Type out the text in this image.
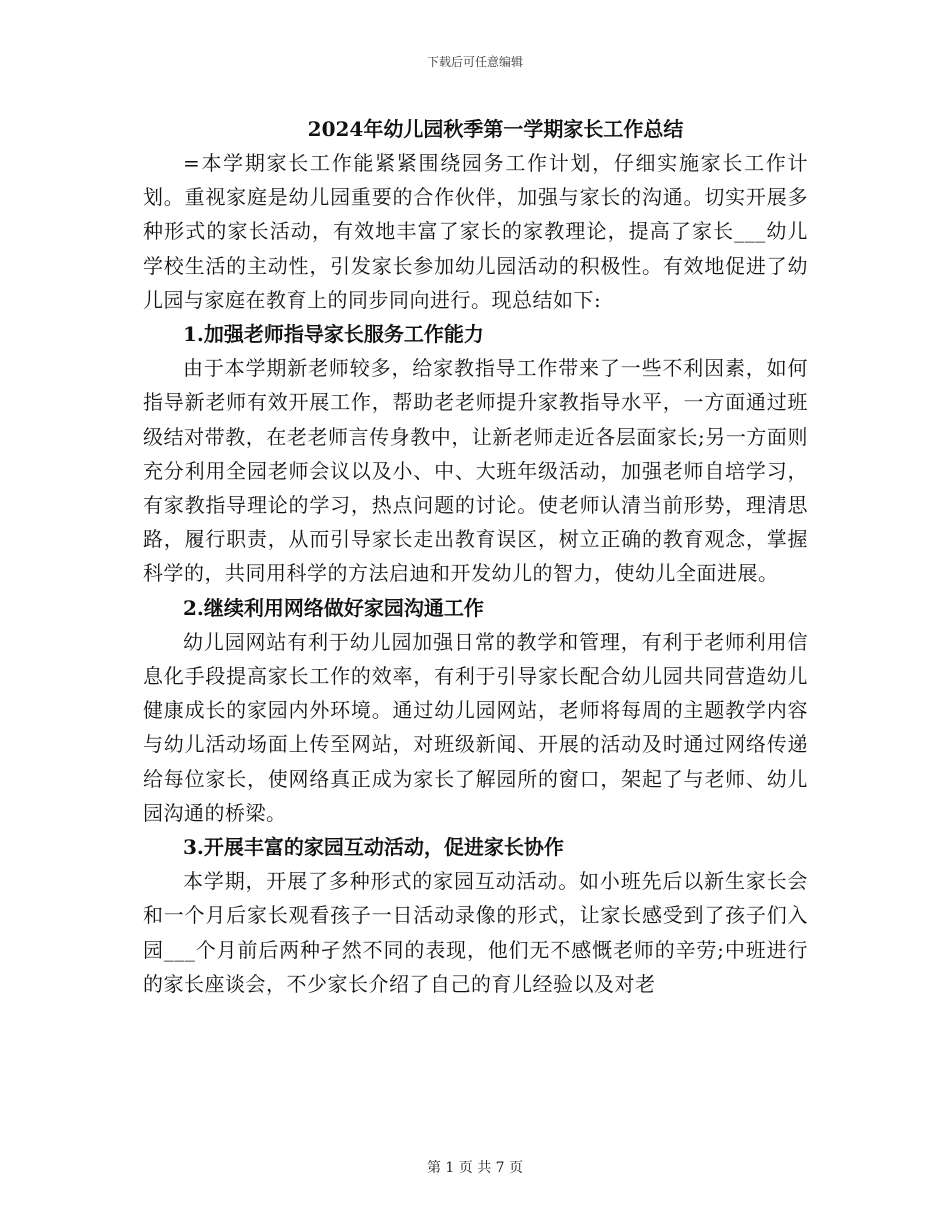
下载后可任意编辑
2024年幼儿园秋季第一学期家长工作总结

=本学期家长工作能紧紧围绕园务工作计划，仔细实施家长工作计划。重视家庭是幼儿园重要的合作伙伴，加强与家长的沟通。切实开展多种形式的家长活动，有效地丰富了家长的家教理论，提高了家长___幼儿学校生活的主动性，引发家长参加幼儿园活动的积极性。有效地促进了幼儿园与家庭在教育上的同步同向进行。现总结如下:

1.加强老师指导家长服务工作能力

由于本学期新老师较多，给家教指导工作带来了一些不利因素，如何指导新老师有效开展工作，帮助老老师提升家教指导水平，一方面通过班级结对带教，在老老师言传身教中，让新老师走近各层面家长;另一方面则充分利用全园老师会议以及小、中、大班年级活动，加强老师自培学习，有家教指导理论的学习，热点问题的讨论。使老师认清当前形势，理清思路，履行职责，从而引导家长走出教育误区，树立正确的教育观念，掌握科学的，共同用科学的方法启迪和开发幼儿的智力，使幼儿全面进展。

2.继续利用网络做好家园沟通工作

幼儿园网站有利于幼儿园加强日常的教学和管理，有利于老师利用信息化手段提高家长工作的效率，有利于引导家长配合幼儿园共同营造幼儿健康成长的家园内外环境。通过幼儿园网站，老师将每周的主题教学内容与幼儿活动场面上传至网站，对班级新闻、开展的活动及时通过网络传递给每位家长，使网络真正成为家长了解园所的窗口，架起了与老师、幼儿园沟通的桥梁。

3.开展丰富的家园互动活动，促进家长协作

本学期，开展了多种形式的家园互动活动。如小班先后以新生家长会和一个月后家长观看孩子一日活动录像的形式，让家长感受到了孩子们入园___个月前后两种孑然不同的表现，他们无不感慨老师的辛劳;中班进行的家长座谈会，不少家长介绍了自己的育儿经验以及对老

第 1 页 共 7 页
